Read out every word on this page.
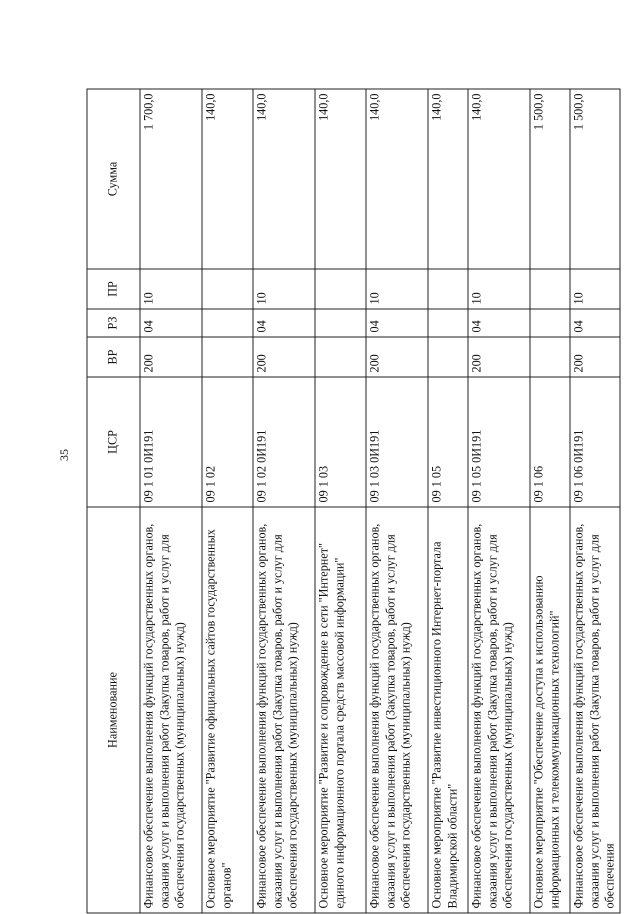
35
Наименование	ЦСР	ВР	РЗ	ПР	Сумма
Финансовое обеспечение выполнения функций государственных органов, оказания услуг и выполнения работ (Закупка товаров, работ и услуг для обеспечения государственных (муниципальных) нужд)	09 1 01 0И191	200	04	10	1 700,0
Основное мероприятие "Развитие официальных сайтов государственных органов"	09 1 02				140,0
Финансовое обеспечение выполнения функций государственных органов, оказания услуг и выполнения работ (Закупка товаров, работ и услуг для обеспечения государственных (муниципальных) нужд)	09 1 02 0И191	200	04	10	140,0
Основное мероприятие "Развитие и сопровождение в сети "Интернет" единого информационного портала средств массовой информации"	09 1 03				140,0
Финансовое обеспечение выполнения функций государственных органов, оказания услуг и выполнения работ (Закупка товаров, работ и услуг для обеспечения государственных (муниципальных) нужд)	09 1 03 0И191	200	04	10	140,0
Основное мероприятие "Развитие инвестиционного Интернет-портала Владимирской области"	09 1 05				140,0
Финансовое обеспечение выполнения функций государственных органов, оказания услуг и выполнения работ (Закупка товаров, работ и услуг для обеспечения государственных (муниципальных) нужд)	09 1 05 0И191	200	04	10	140,0
Основное мероприятие "Обеспечение доступа к использованию информационных и телекоммуникационных технологий"	09 1 06				1 500,0
Финансовое обеспечение выполнения функций государственных органов, оказания услуг и выполнения работ (Закупка товаров, работ и услуг для обеспечения	09 1 06 0И191	200	04	10	1 500,0
